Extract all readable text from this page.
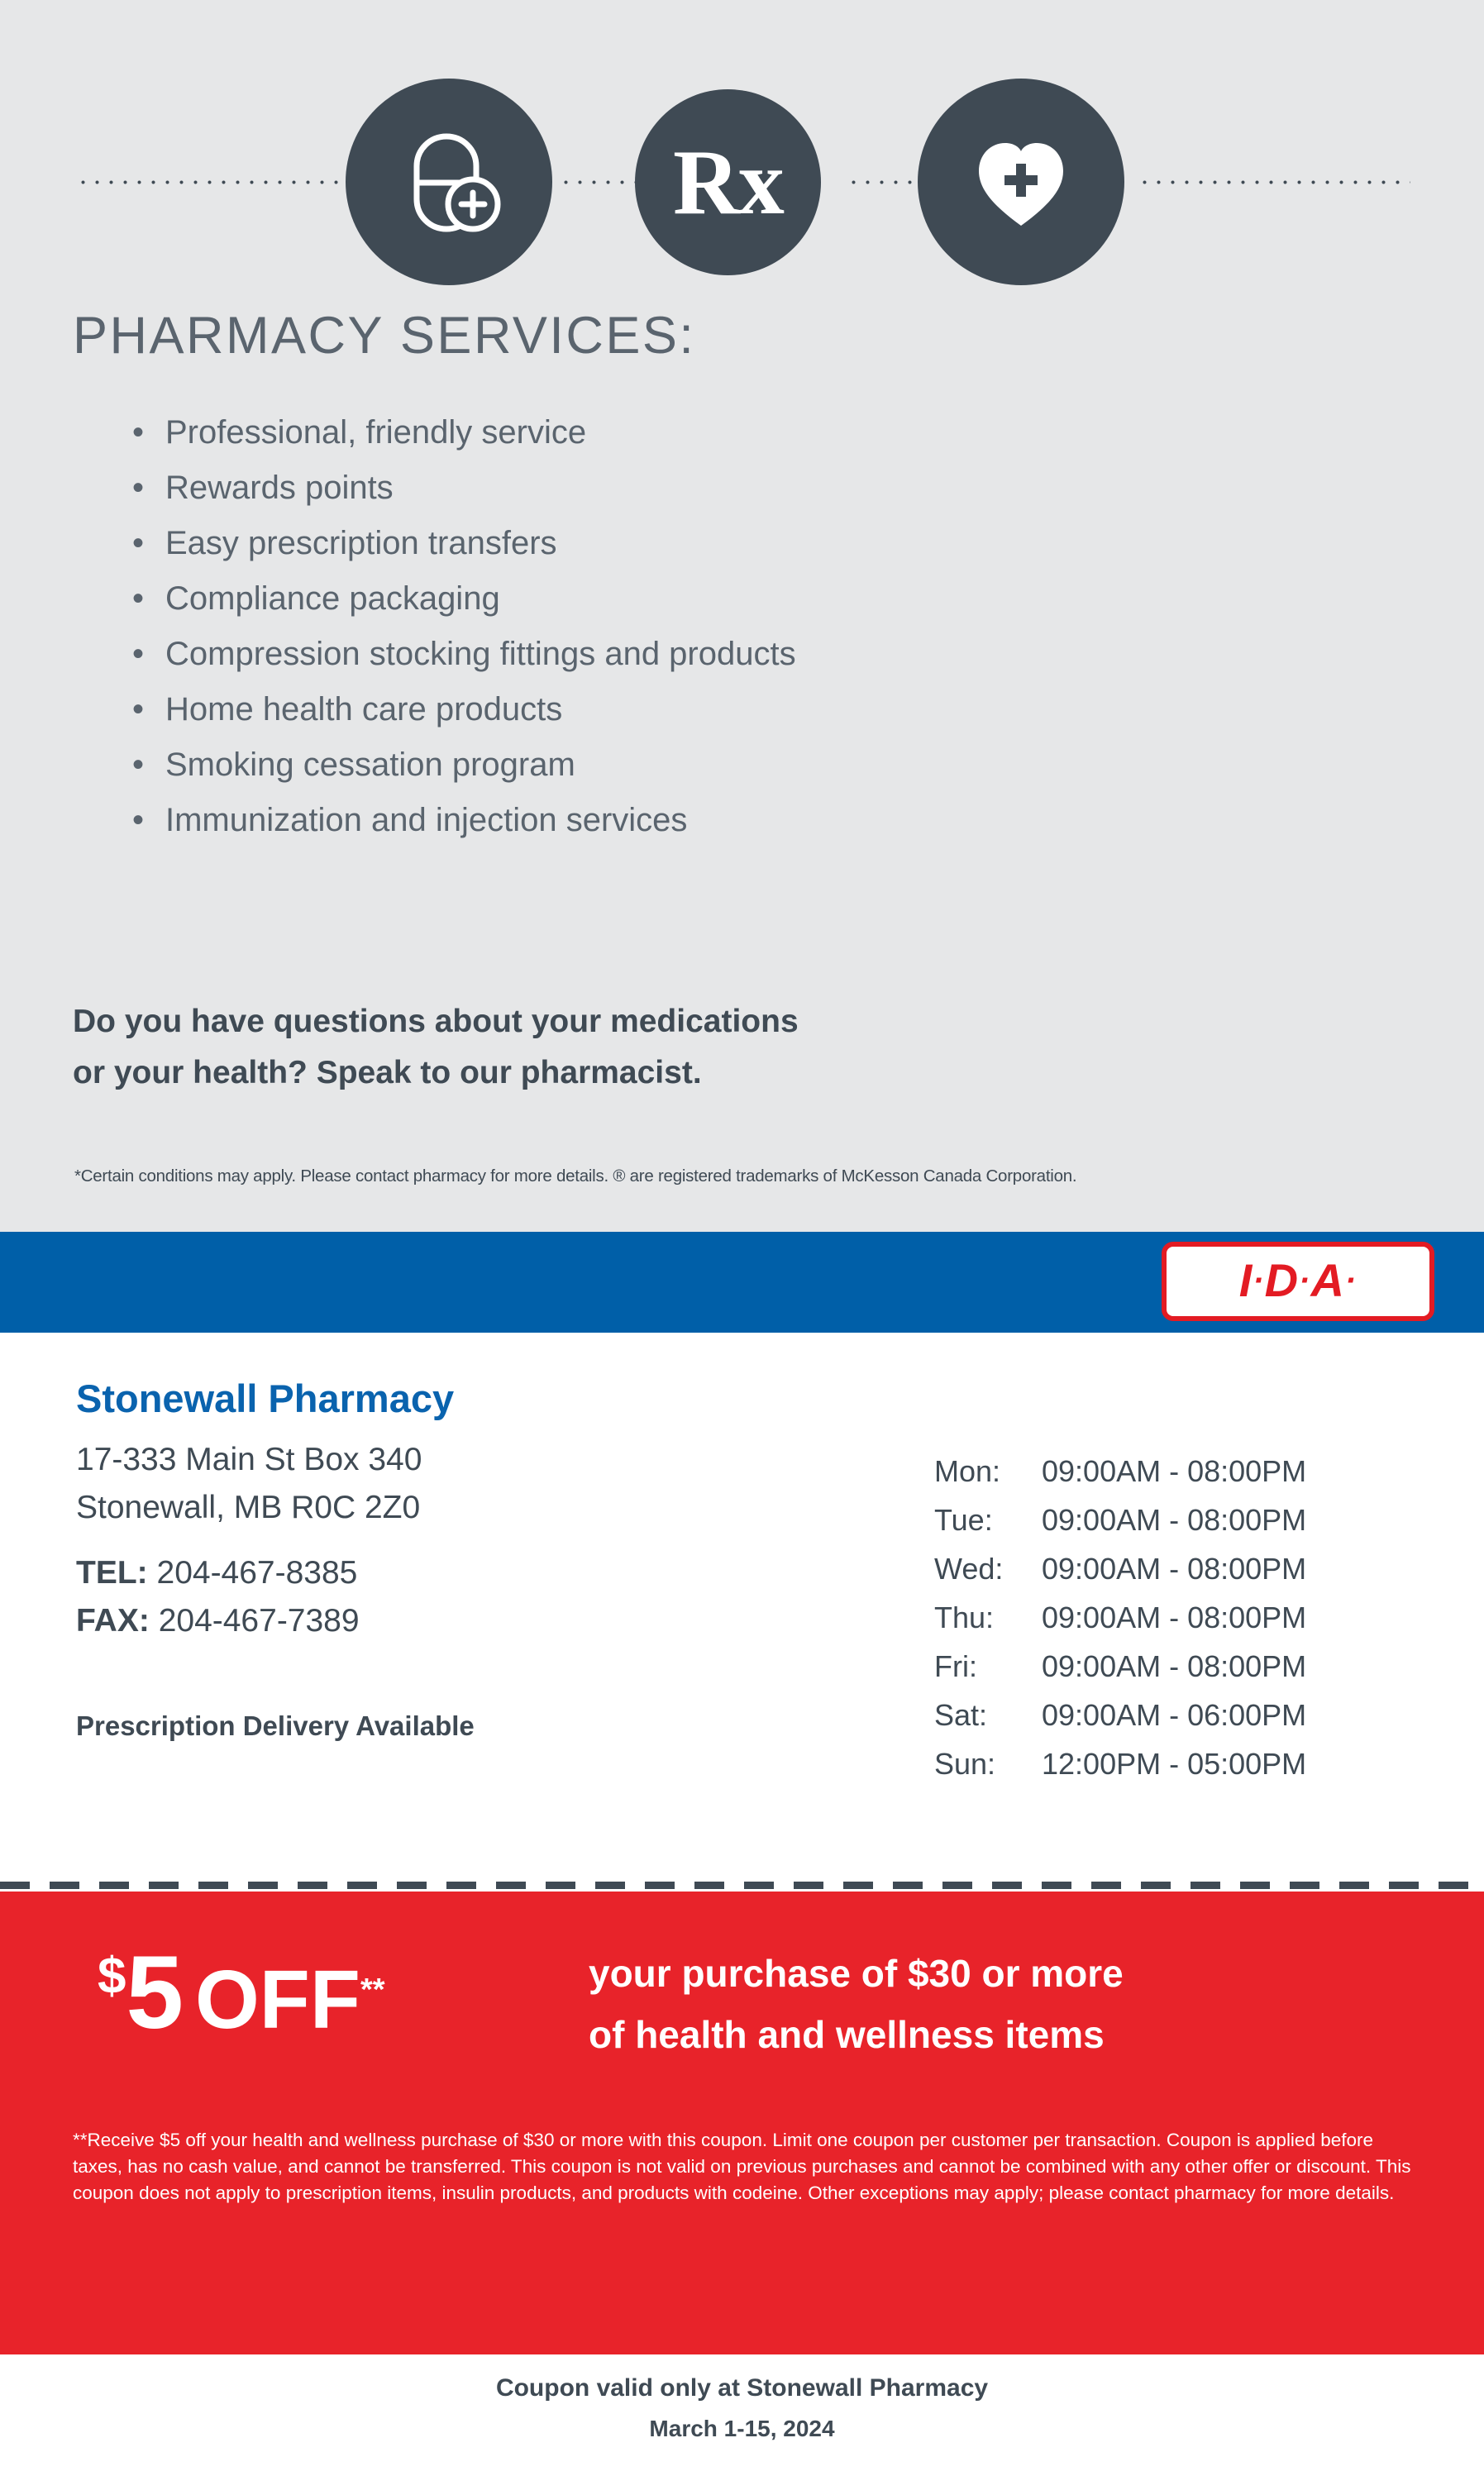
Rx
PHARMACY SERVICES:
• Professional, friendly service
• Rewards points
• Easy prescription transfers
• Compliance packaging
• Compression stocking fittings and products
• Home health care products
• Smoking cessation program
• Immunization and injection services
Do you have questions about your medications
or your health? Speak to our pharmacist.
*Certain conditions may apply. Please contact pharmacy for more details. ® are registered trademarks of McKesson Canada Corporation.
I·D·A·
Stonewall Pharmacy
17-333 Main St Box 340
Stonewall, MB R0C 2Z0
TEL: 204-467-8385
FAX: 204-467-7389
Prescription Delivery Available
Mon:	09:00AM - 08:00PM
Tue:	09:00AM - 08:00PM
Wed:	09:00AM - 08:00PM
Thu:	09:00AM - 08:00PM
Fri:	09:00AM - 08:00PM
Sat:	09:00AM - 06:00PM
Sun:	12:00PM - 05:00PM
$5 OFF**	your purchase of $30 or more
of health and wellness items
**Receive $5 off your health and wellness purchase of $30 or more with this coupon. Limit one coupon per customer per transaction. Coupon is applied before taxes, has no cash value, and cannot be transferred. This coupon is not valid on previous purchases and cannot be combined with any other offer or discount. This coupon does not apply to prescription items, insulin products, and products with codeine. Other exceptions may apply; please contact pharmacy for more details.
Coupon valid only at Stonewall Pharmacy
March 1-15, 2024
